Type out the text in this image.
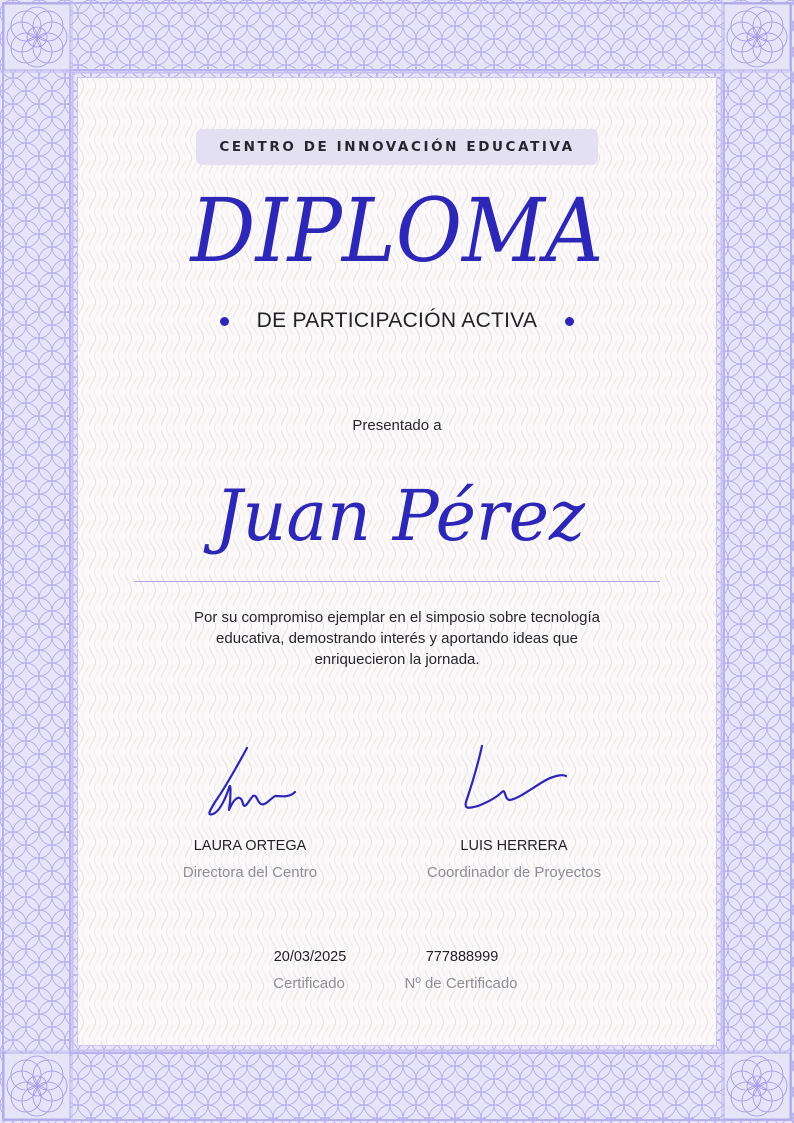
CENTRO DE INNOVACIÓN EDUCATIVA
DIPLOMA
DE PARTICIPACIÓN ACTIVA
Presentado a
Juan Pérez
Por su compromiso ejemplar en el simposio sobre tecnología educativa, demostrando interés y aportando ideas que enriquecieron la jornada.
LAURA ORTEGA
Directora del Centro
LUIS HERRERA
Coordinador de Proyectos
20/03/2025
Certificado
777888999
Nº de Certificado
